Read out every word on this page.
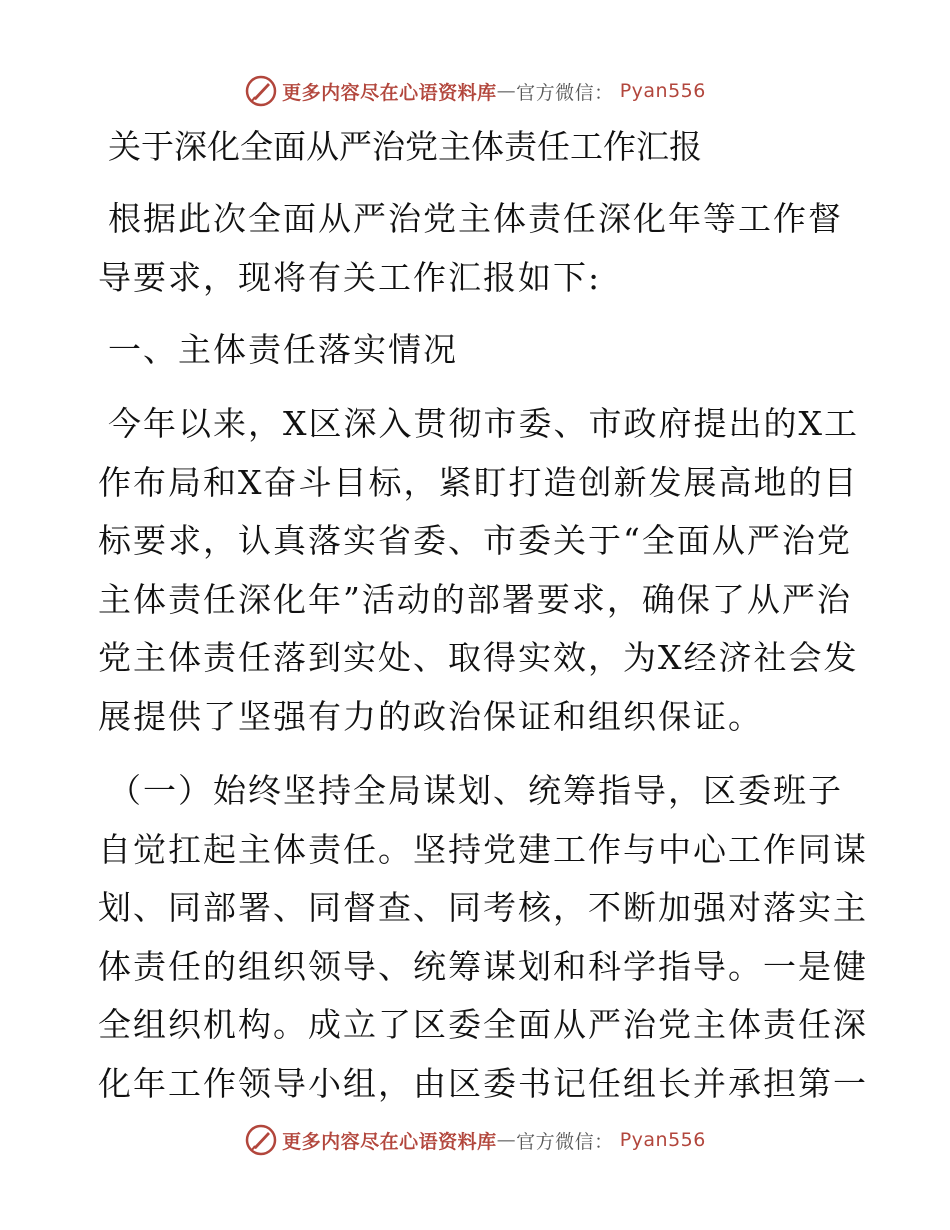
更多内容尽在心语资料库 — 官方微信： Pyan556
关于深化全面从严治党主体责任工作汇报

根据此次全面从严治党主体责任深化年等工作督
导要求，现将有关工作汇报如下:

一、主体责任落实情况

今年以来，X区深入贯彻市委、市政府提出的X工
作布局和X奋斗目标，紧盯打造创新发展高地的目
标要求，认真落实省委、市委关于“全面从严治党
主体责任深化年”活动的部署要求，确保了从严治
党主体责任落到实处、取得实效，为X经济社会发
展提供了坚强有力的政治保证和组织保证。

（一）始终坚持全局谋划、统筹指导，区委班子
自觉扛起主体责任。坚持党建工作与中心工作同谋
划、同部署、同督查、同考核，不断加强对落实主
体责任的组织领导、统筹谋划和科学指导。一是健
全组织机构。成立了区委全面从严治党主体责任深
化年工作领导小组，由区委书记任组长并承担第一

更多内容尽在心语资料库 — 官方微信： Pyan556
